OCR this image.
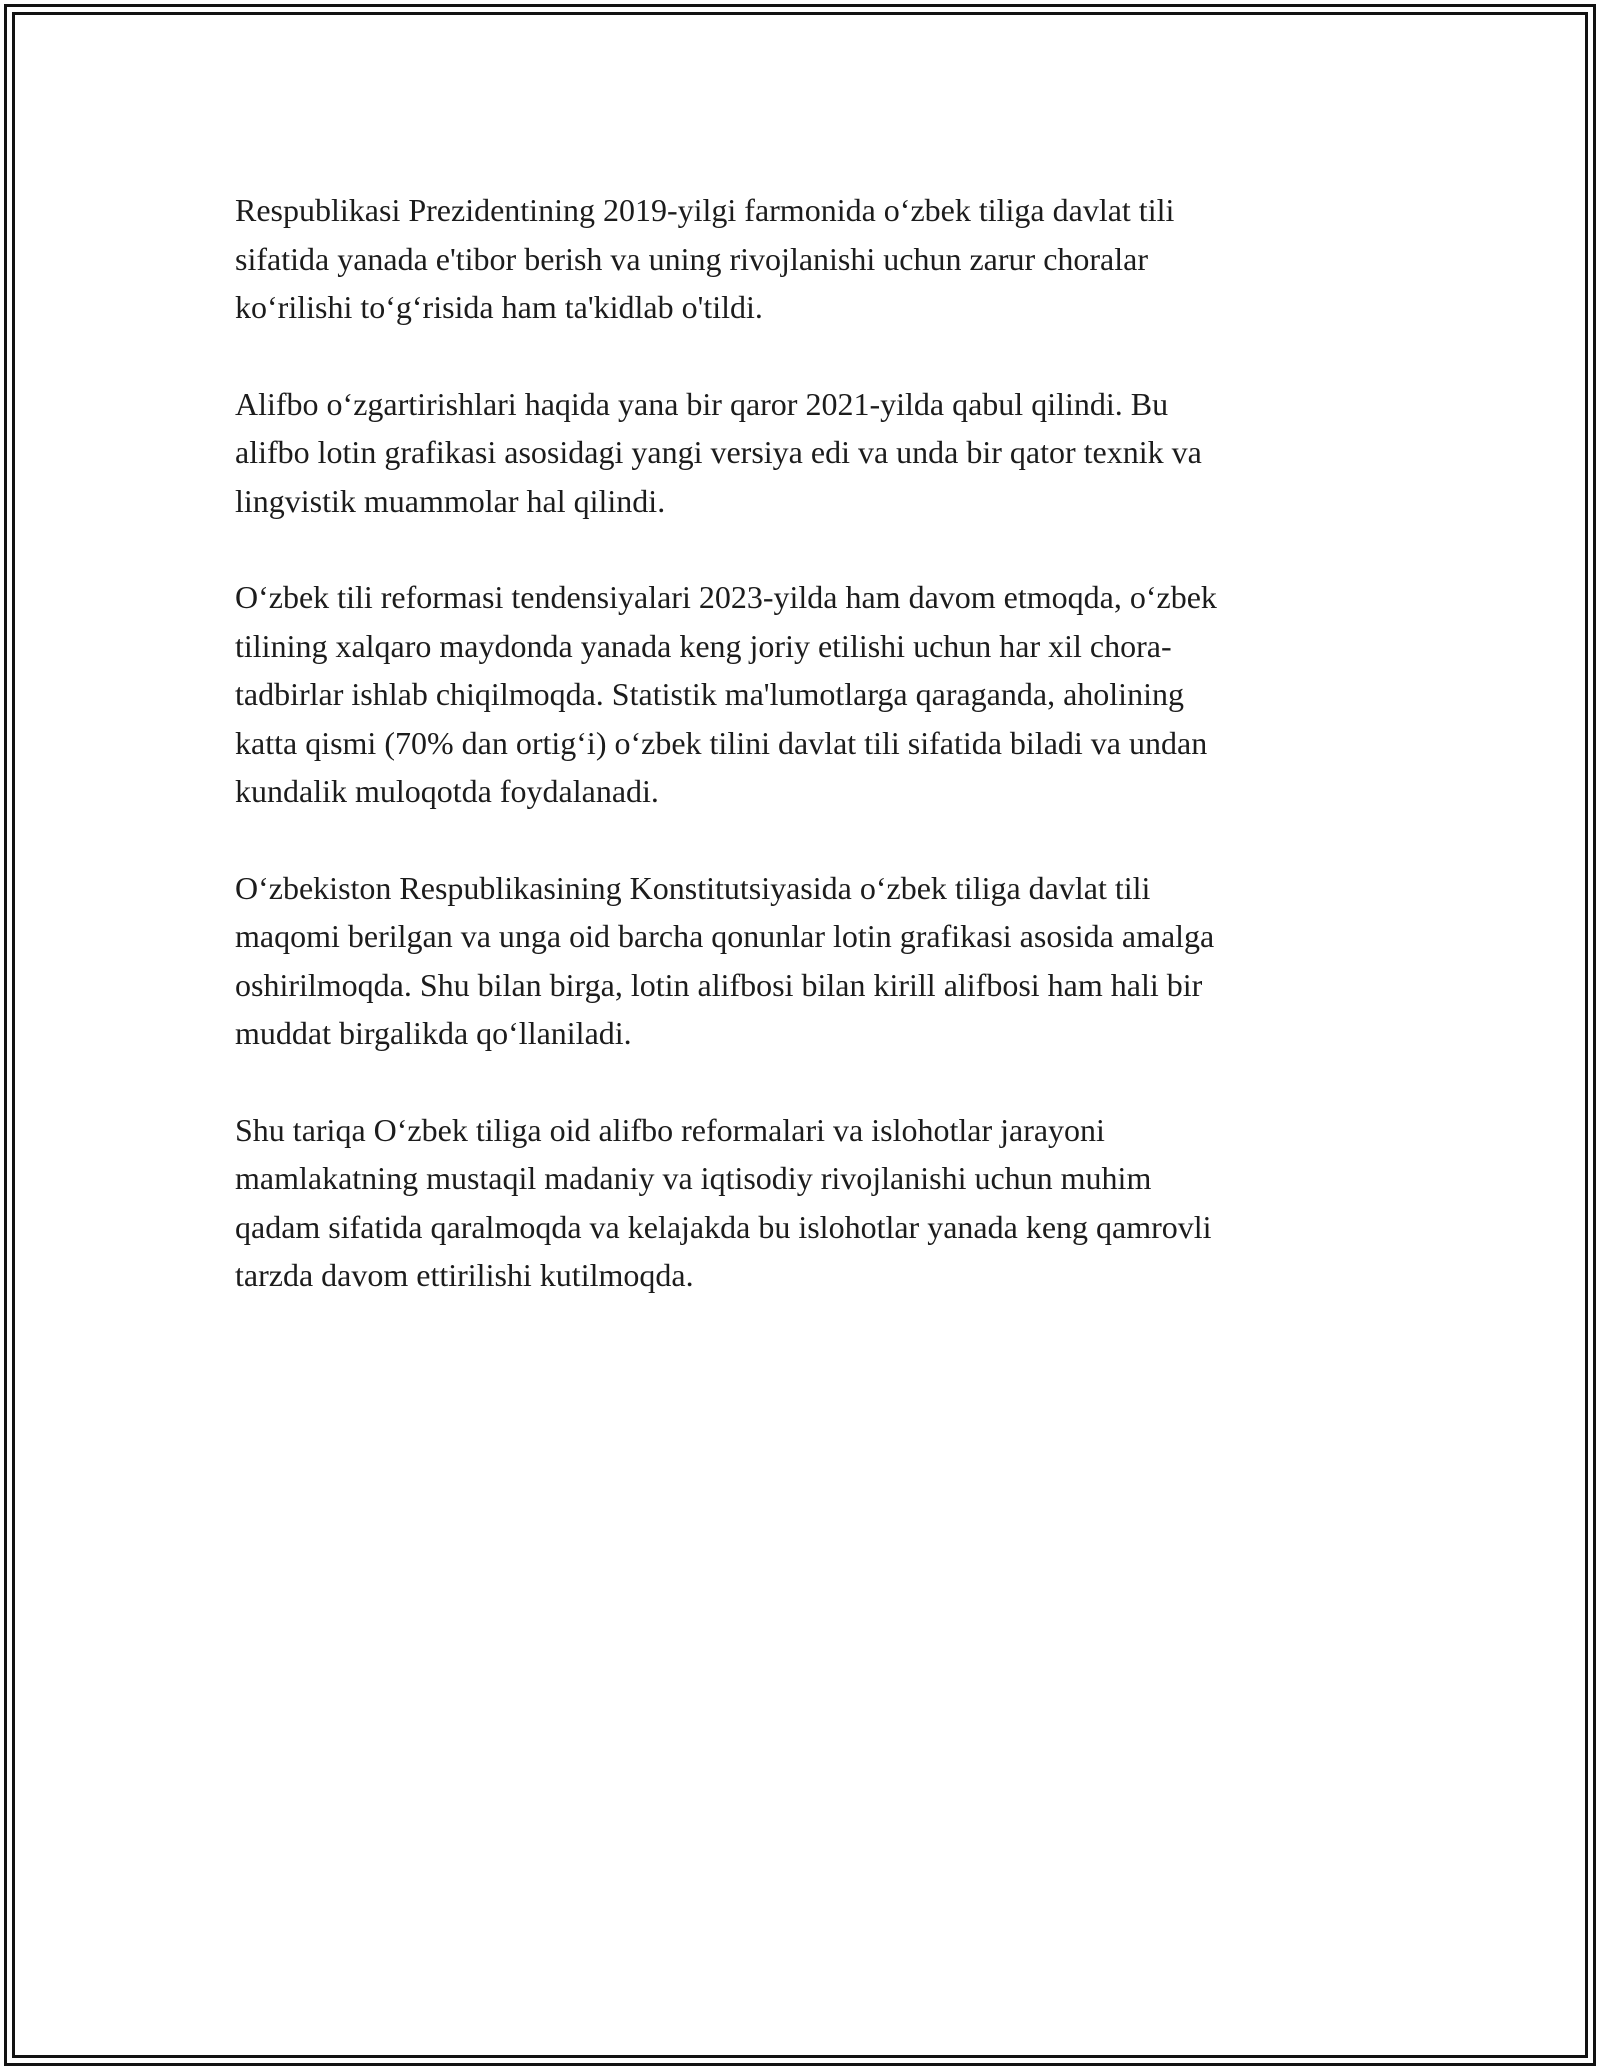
Respublikasi Prezidentining 2019-yilgi farmonida o‘zbek tiliga davlat tili
sifatida yanada e'tibor berish va uning rivojlanishi uchun zarur choralar
ko‘rilishi to‘g‘risida ham ta'kidlab o'tildi.

Alifbo o‘zgartirishlari haqida yana bir qaror 2021-yilda qabul qilindi. Bu
alifbo lotin grafikasi asosidagi yangi versiya edi va unda bir qator texnik va
lingvistik muammolar hal qilindi.

O‘zbek tili reformasi tendensiyalari 2023-yilda ham davom etmoqda, o‘zbek
tilining xalqaro maydonda yanada keng joriy etilishi uchun har xil chora-
tadbirlar ishlab chiqilmoqda. Statistik ma'lumotlarga qaraganda, aholining
katta qismi (70% dan ortig‘i) o‘zbek tilini davlat tili sifatida biladi va undan
kundalik muloqotda foydalanadi.

O‘zbekiston Respublikasining Konstitutsiyasida o‘zbek tiliga davlat tili
maqomi berilgan va unga oid barcha qonunlar lotin grafikasi asosida amalga
oshirilmoqda. Shu bilan birga, lotin alifbosi bilan kirill alifbosi ham hali bir
muddat birgalikda qo‘llaniladi.

Shu tariqa O‘zbek tiliga oid alifbo reformalari va islohotlar jarayoni
mamlakatning mustaqil madaniy va iqtisodiy rivojlanishi uchun muhim
qadam sifatida qaralmoqda va kelajakda bu islohotlar yanada keng qamrovli
tarzda davom ettirilishi kutilmoqda.
